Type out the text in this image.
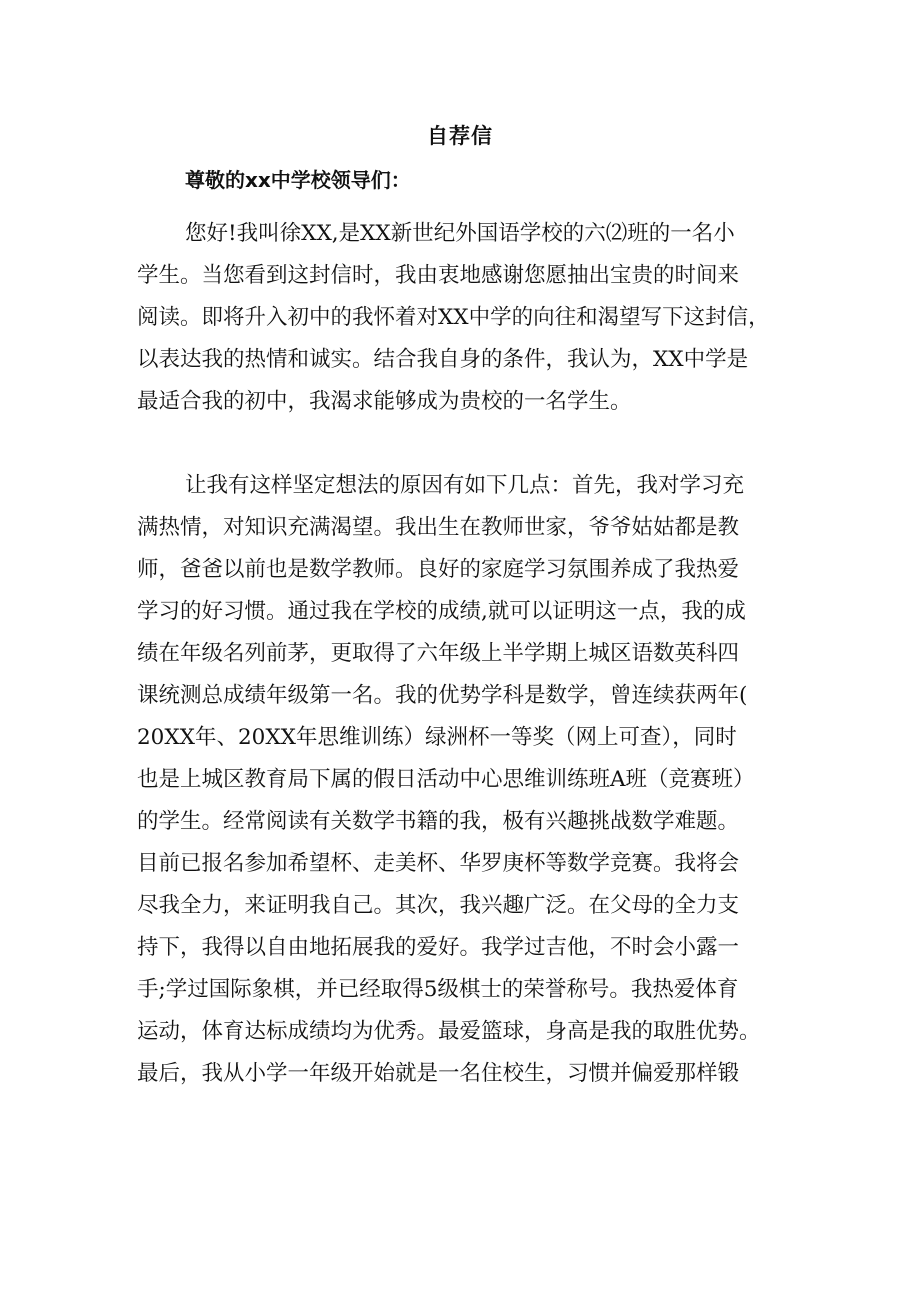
自荐信
尊敬的xx中学校领导们：
您好!我叫徐XX,是XX新世纪外国语学校的六⑵班的一名小
学生。当您看到这封信时，我由衷地感谢您愿抽出宝贵的时间来
阅读。即将升入初中的我怀着对XX中学的向往和渴望写下这封信，
以表达我的热情和诚实。结合我自身的条件，我认为，XX中学是
最适合我的初中，我渴求能够成为贵校的一名学生。
让我有这样坚定想法的原因有如下几点：首先，我对学习充
满热情，对知识充满渴望。我出生在教师世家，爷爷姑姑都是教
师，爸爸以前也是数学教师。良好的家庭学习氛围养成了我热爱
学习的好习惯。通过我在学校的成绩,就可以证明这一点，我的成
绩在年级名列前茅，更取得了六年级上半学期上城区语数英科四
课统测总成绩年级第一名。我的优势学科是数学，曾连续获两年(
20XX年、20XX年思维训练）绿洲杯一等奖（网上可查），同时
也是上城区教育局下属的假日活动中心思维训练班A班（竞赛班）
的学生。经常阅读有关数学书籍的我，极有兴趣挑战数学难题。
目前已报名参加希望杯、走美杯、华罗庚杯等数学竞赛。我将会
尽我全力，来证明我自己。其次，我兴趣广泛。在父母的全力支
持下，我得以自由地拓展我的爱好。我学过吉他，不时会小露一
手;学过国际象棋，并已经取得5级棋士的荣誉称号。我热爱体育
运动，体育达标成绩均为优秀。最爱篮球，身高是我的取胜优势。
最后，我从小学一年级开始就是一名住校生，习惯并偏爱那样锻
